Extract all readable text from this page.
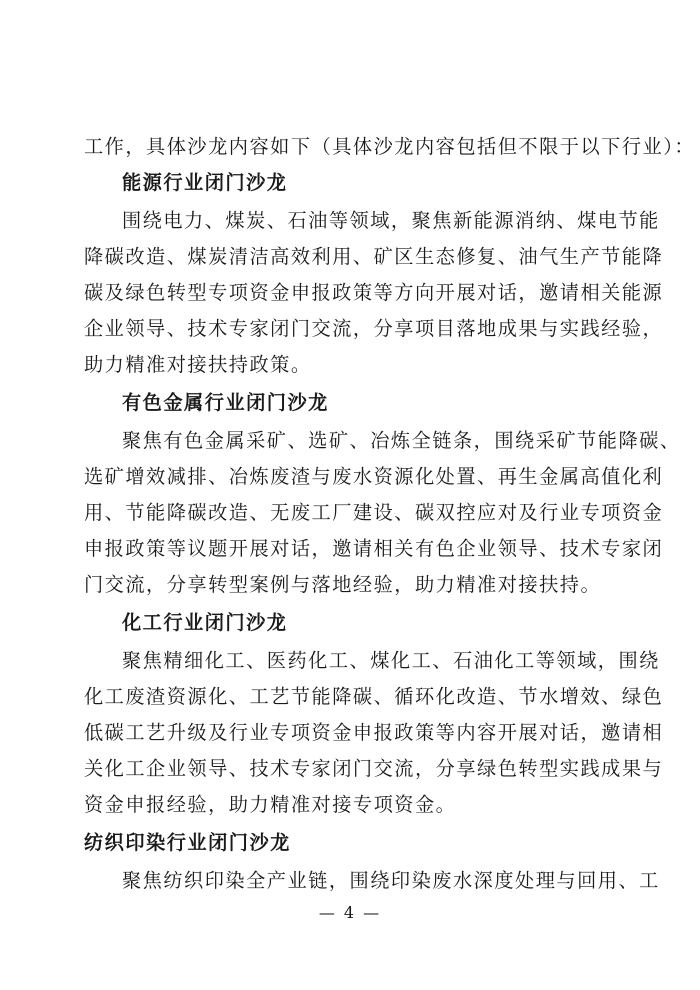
工作，具体沙龙内容如下（具体沙龙内容包括但不限于以下行业）：
能源行业闭门沙龙
围绕电力、煤炭、石油等领域，聚焦新能源消纳、煤电节能
降碳改造、煤炭清洁高效利用、矿区生态修复、油气生产节能降
碳及绿色转型专项资金申报政策等方向开展对话，邀请相关能源
企业领导、技术专家闭门交流，分享项目落地成果与实践经验，
助力精准对接扶持政策。
有色金属行业闭门沙龙
聚焦有色金属采矿、选矿、冶炼全链条，围绕采矿节能降碳、
选矿增效减排、冶炼废渣与废水资源化处置、再生金属高值化利
用、节能降碳改造、无废工厂建设、碳双控应对及行业专项资金
申报政策等议题开展对话，邀请相关有色企业领导、技术专家闭
门交流，分享转型案例与落地经验，助力精准对接扶持。
化工行业闭门沙龙
聚焦精细化工、医药化工、煤化工、石油化工等领域，围绕
化工废渣资源化、工艺节能降碳、循环化改造、节水增效、绿色
低碳工艺升级及行业专项资金申报政策等内容开展对话，邀请相
关化工企业领导、技术专家闭门交流，分享绿色转型实践成果与
资金申报经验，助力精准对接专项资金。
纺织印染行业闭门沙龙
聚焦纺织印染全产业链，围绕印染废水深度处理与回用、工
— 4 —
